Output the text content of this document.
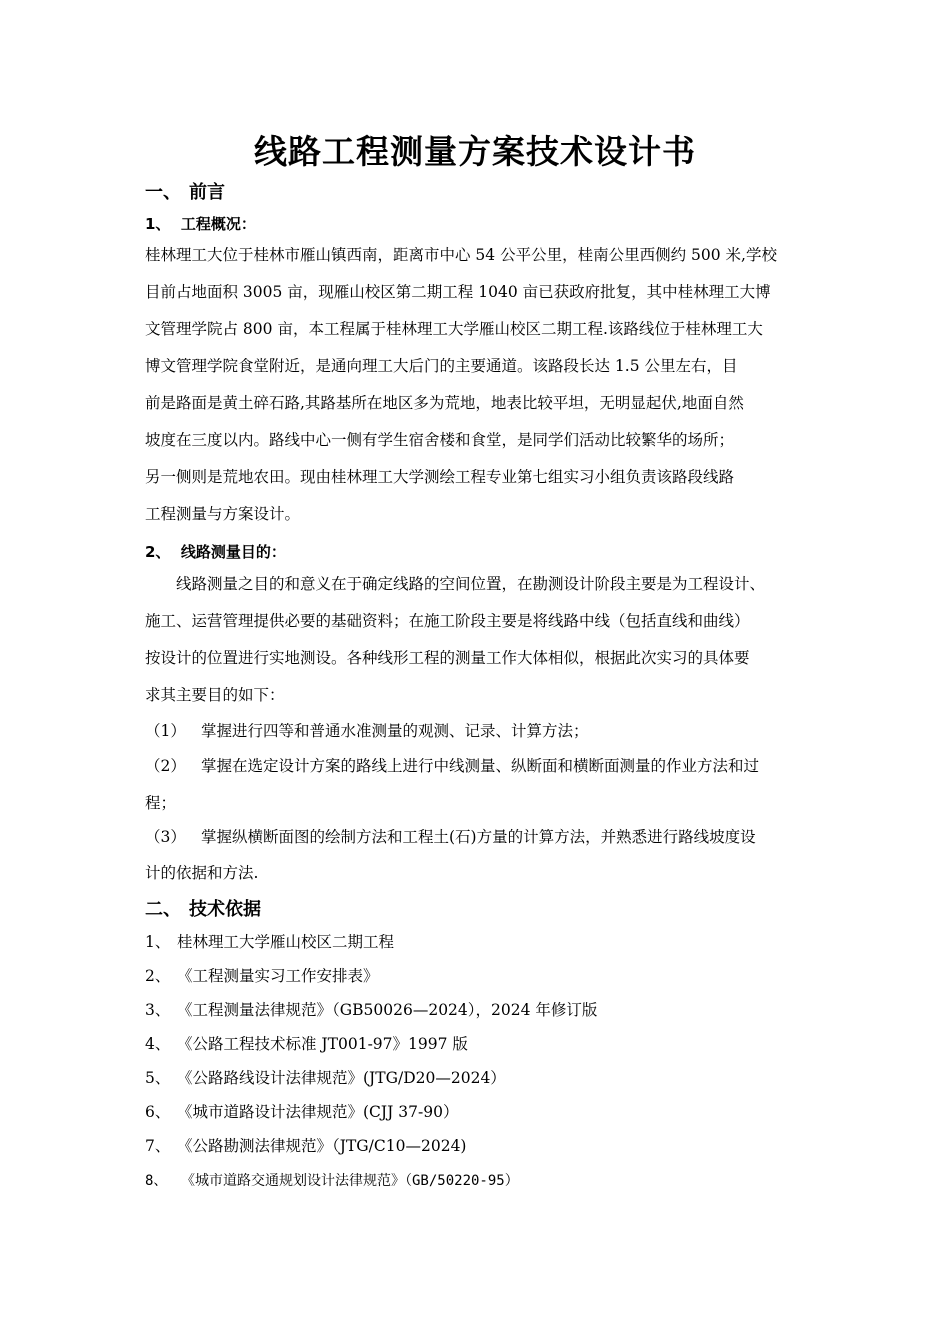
线路工程测量方案技术设计书
一、 前言
1、 工程概况：
桂林理工大位于桂林市雁山镇西南，距离市中心 54 公平公里，桂南公里西侧约 500 米,学校
目前占地面积 3005 亩，现雁山校区第二期工程 1040 亩已获政府批复，其中桂林理工大博
文管理学院占 800 亩，本工程属于桂林理工大学雁山校区二期工程.该路线位于桂林理工大
博文管理学院食堂附近，是通向理工大后门的主要通道。该路段长达 1.5 公里左右，目
前是路面是黄土碎石路,其路基所在地区多为荒地，地表比较平坦，无明显起伏,地面自然
坡度在三度以内。路线中心一侧有学生宿舍楼和食堂，是同学们活动比较繁华的场所；
另一侧则是荒地农田。现由桂林理工大学测绘工程专业第七组实习小组负责该路段线路
工程测量与方案设计。
2、 线路测量目的：
　　线路测量之目的和意义在于确定线路的空间位置，在勘测设计阶段主要是为工程设计、
施工、运营管理提供必要的基础资料；在施工阶段主要是将线路中线（包括直线和曲线）
按设计的位置进行实地测设。各种线形工程的测量工作大体相似，根据此次实习的具体要
求其主要目的如下：
（1） 掌握进行四等和普通水准测量的观测、记录、计算方法；
（2） 掌握在选定设计方案的路线上进行中线测量、纵断面和横断面测量的作业方法和过
程；
（3） 掌握纵横断面图的绘制方法和工程土(石)方量的计算方法，并熟悉进行路线坡度设
计的依据和方法.
二、 技术依据
1、 桂林理工大学雁山校区二期工程
2、 《工程测量实习工作安排表》
3、 《工程测量法律规范》（GB50026—2024），2024 年修订版
4、 《公路工程技术标准 JT001-97》1997 版
5、 《公路路线设计法律规范》(JTG/D20—2024）
6、 《城市道路设计法律规范》(CJJ 37-90）
7、 《公路勘测法律规范》（JTG/C10—2024)
8、 《城市道路交通规划设计法律规范》（GB/50220-95）
